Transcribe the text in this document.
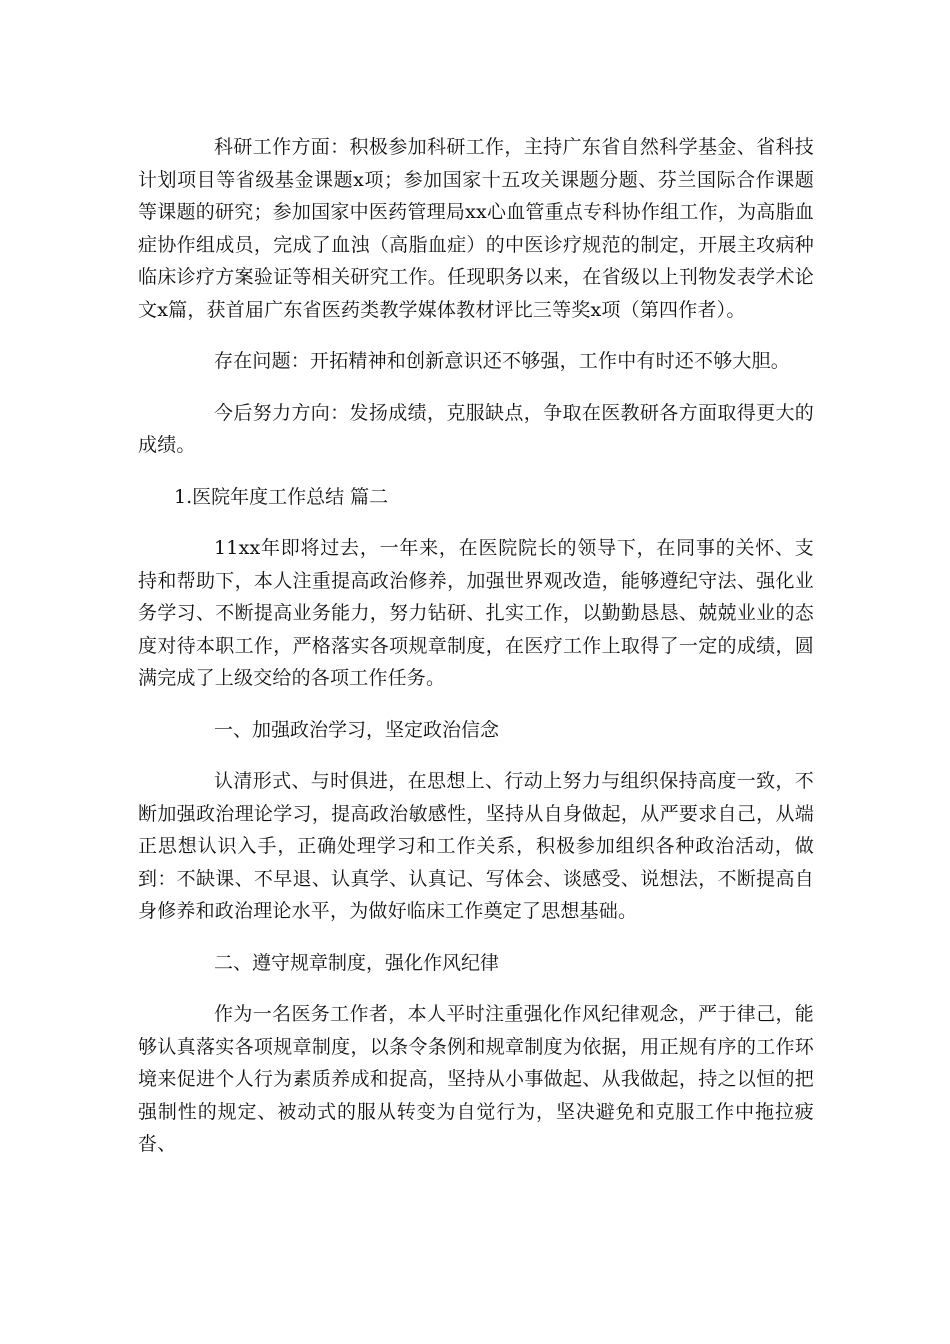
科研工作方面：积极参加科研工作，主持广东省自然科学基金、省科技计划项目等省级基金课题x项；参加国家十五攻关课题分题、芬兰国际合作课题等课题的研究；参加国家中医药管理局xx心血管重点专科协作组工作，为高脂血症协作组成员，完成了血浊（高脂血症）的中医诊疗规范的制定，开展主攻病种临床诊疗方案验证等相关研究工作。任现职务以来，在省级以上刊物发表学术论文x篇，获首届广东省医药类教学媒体教材评比三等奖x项（第四作者）。

存在问题：开拓精神和创新意识还不够强，工作中有时还不够大胆。

今后努力方向：发扬成绩，克服缺点，争取在医教研各方面取得更大的成绩。

1.医院年度工作总结 篇二

11xx年即将过去，一年来，在医院院长的领导下，在同事的关怀、支持和帮助下，本人注重提高政治修养，加强世界观改造，能够遵纪守法、强化业务学习、不断提高业务能力，努力钻研、扎实工作，以勤勤恳恳、兢兢业业的态度对待本职工作，严格落实各项规章制度，在医疗工作上取得了一定的成绩，圆满完成了上级交给的各项工作任务。

一、加强政治学习，坚定政治信念

认清形式、与时俱进，在思想上、行动上努力与组织保持高度一致，不断加强政治理论学习，提高政治敏感性，坚持从自身做起，从严要求自己，从端正思想认识入手，正确处理学习和工作关系，积极参加组织各种政治活动，做到：不缺课、不早退、认真学、认真记、写体会、谈感受、说想法，不断提高自身修养和政治理论水平，为做好临床工作奠定了思想基础。

二、遵守规章制度，强化作风纪律

作为一名医务工作者，本人平时注重强化作风纪律观念，严于律己，能够认真落实各项规章制度，以条令条例和规章制度为依据，用正规有序的工作环境来促进个人行为素质养成和捉高，坚持从小事做起、从我做起，持之以恒的把强制性的规定、被动式的服从转变为自觉行为，坚决避免和克服工作中拖拉疲沓、
